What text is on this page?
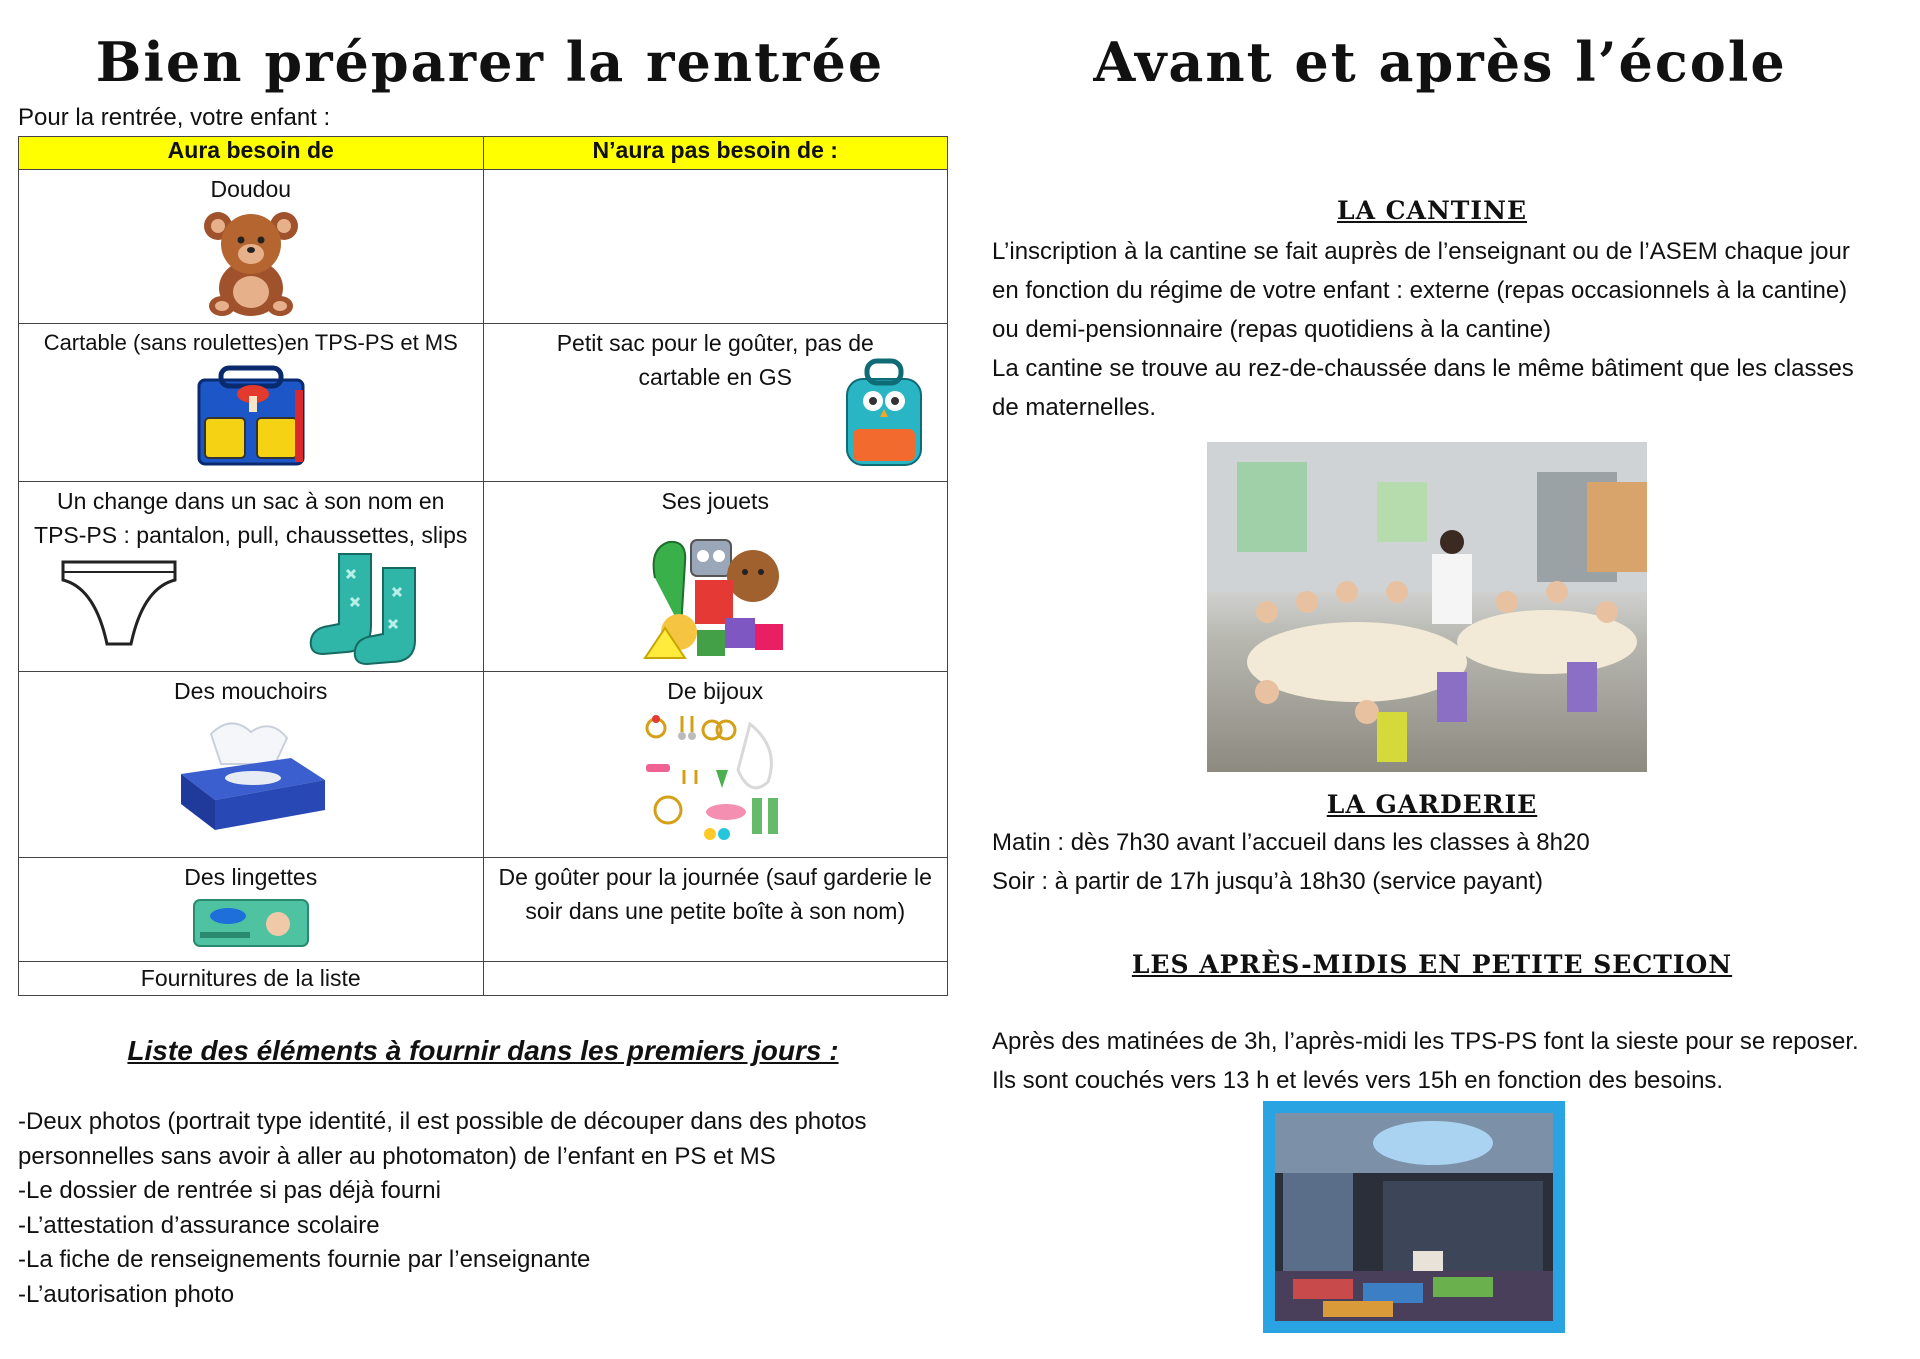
Bien préparer la rentrée
Pour la rentrée, votre enfant :
Aura besoin de	N’aura pas besoin de :

Doudou	

Cartable (sans roulettes)en TPS-PS et MS	Petit sac pour le goûter, pas de cartable en GS

Un change dans un sac à son nom en TPS-PS : pantalon, pull, chaussettes, slips	Ses jouets

Des mouchoirs	De bijoux

Des lingettes	De goûter pour la journée (sauf garderie le soir dans une petite boîte à son nom)

Fournitures de la liste	

Liste des éléments à fournir dans les premiers jours :
-Deux photos (portrait type identité, il est possible de découper dans des photos
personnelles sans avoir à aller au photomaton) de l’enfant en PS et MS
-Le dossier de rentrée si pas déjà fourni
-L’attestation d’assurance scolaire
-La fiche de renseignements fournie par l’enseignante
-L’autorisation photo
Avant et après l’école
LA CANTINE
L’inscription à la cantine se fait auprès de l’enseignant ou de l’ASEM chaque jour en fonction du régime de votre enfant : externe (repas occasionnels à la cantine) ou demi-pensionnaire (repas quotidiens à la cantine)
La cantine se trouve au rez-de-chaussée dans le même bâtiment que les classes de maternelles.
LA GARDERIE
Matin : dès 7h30 avant l’accueil dans les classes à 8h20
Soir : à partir de 17h jusqu’à 18h30 (service payant)
LES APRÈS-MIDIS EN PETITE SECTION
Après des matinées de 3h, l’après-midi les TPS-PS font la sieste pour se reposer. Ils sont couchés vers 13 h et levés vers 15h en fonction des besoins.
